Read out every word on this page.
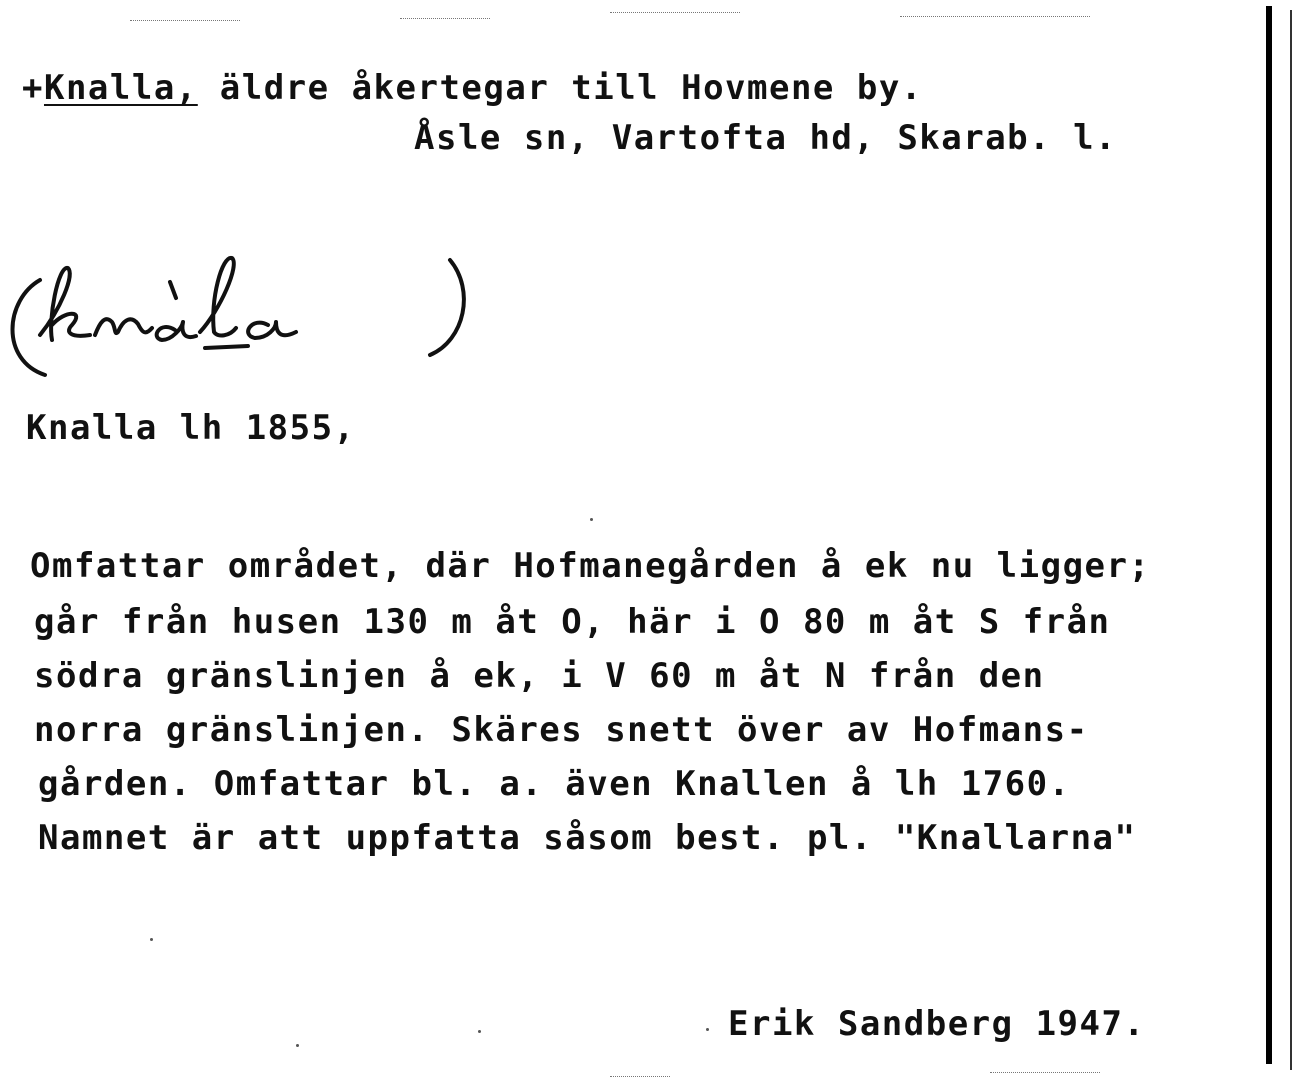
+Knalla, äldre åkertegar till Hovmene by.
Åsle sn, Vartofta hd, Skarab. l.
Knalla lh 1855,
Omfattar området, där Hofmanegården å ek nu ligger;
går från husen 130 m åt O, här i O 80 m åt S från
södra gränslinjen å ek, i V 60 m åt N från den
norra gränslinjen. Skäres snett över av Hofmans-
gården. Omfattar bl. a. även Knallen å lh 1760.
Namnet är att uppfatta såsom best. pl. "Knallarna"
Erik Sandberg 1947.
